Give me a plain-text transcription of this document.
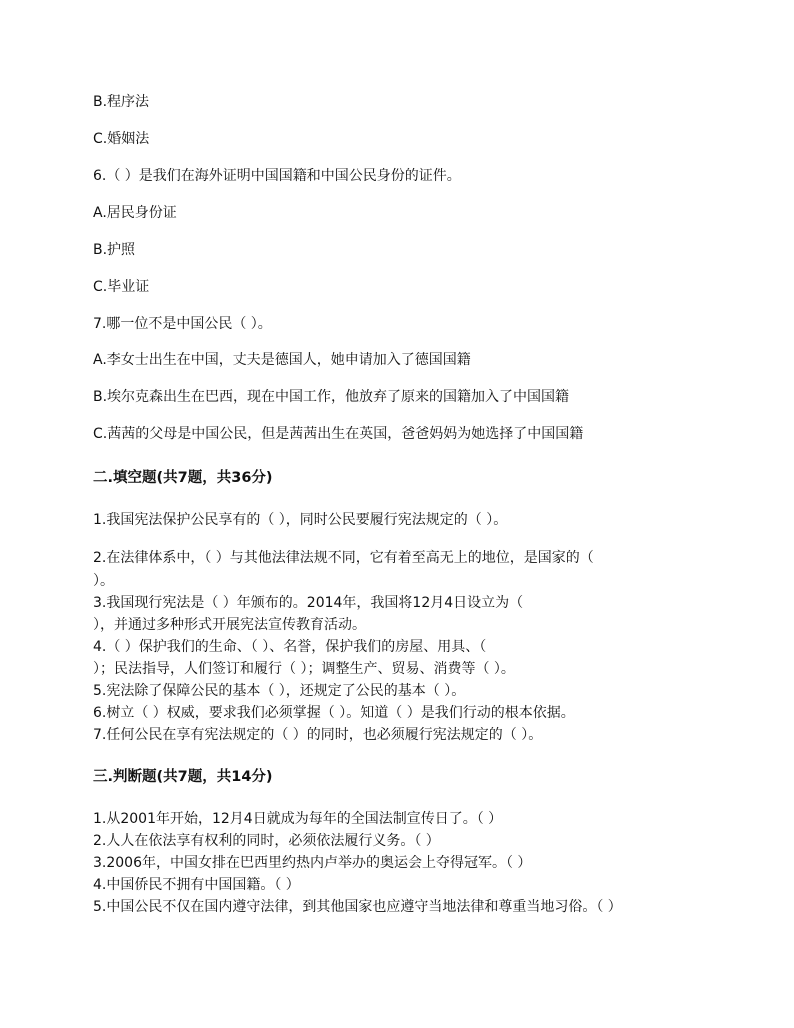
B.程序法
C.婚姻法
6.（ ）是我们在海外证明中国国籍和中国公民身份的证件。
A.居民身份证
B.护照
C.毕业证
7.哪一位不是中国公民（ ）。
A.李女士出生在中国，丈夫是德国人，她申请加入了德国国籍
B.埃尔克森出生在巴西，现在中国工作，他放弃了原来的国籍加入了中国国籍
C.茜茜的父母是中国公民，但是茜茜出生在英国，爸爸妈妈为她选择了中国国籍
二.填空题(共7题，共36分)
1.我国宪法保护公民享有的（ ），同时公民要履行宪法规定的（ ）。
2.在法律体系中，（ ）与其他法律法规不同，它有着至高无上的地位，是国家的（
）。
3.我国现行宪法是（ ）年颁布的。2014年，我国将12月4日设立为（
），并通过多种形式开展宪法宣传教育活动。
4.（ ）保护我们的生命、（ ）、名誉，保护我们的房屋、用具、（
）；民法指导，人们签订和履行（ ）；调整生产、贸易、消费等（ ）。
5.宪法除了保障公民的基本（ ），还规定了公民的基本（ ）。
6.树立（ ）权威，要求我们必须掌握（ ）。知道（ ）是我们行动的根本依据。
7.任何公民在享有宪法规定的（ ）的同时，也必须履行宪法规定的（ ）。
三.判断题(共7题，共14分)
1.从2001年开始，12月4日就成为每年的全国法制宣传日了。（ ）
2.人人在依法享有权利的同时，必须依法履行义务。（ ）
3.2006年，中国女排在巴西里约热内卢举办的奥运会上夺得冠军。（ ）
4.中国侨民不拥有中国国籍。（ ）
5.中国公民不仅在国内遵守法律，到其他国家也应遵守当地法律和尊重当地习俗。（ ）
